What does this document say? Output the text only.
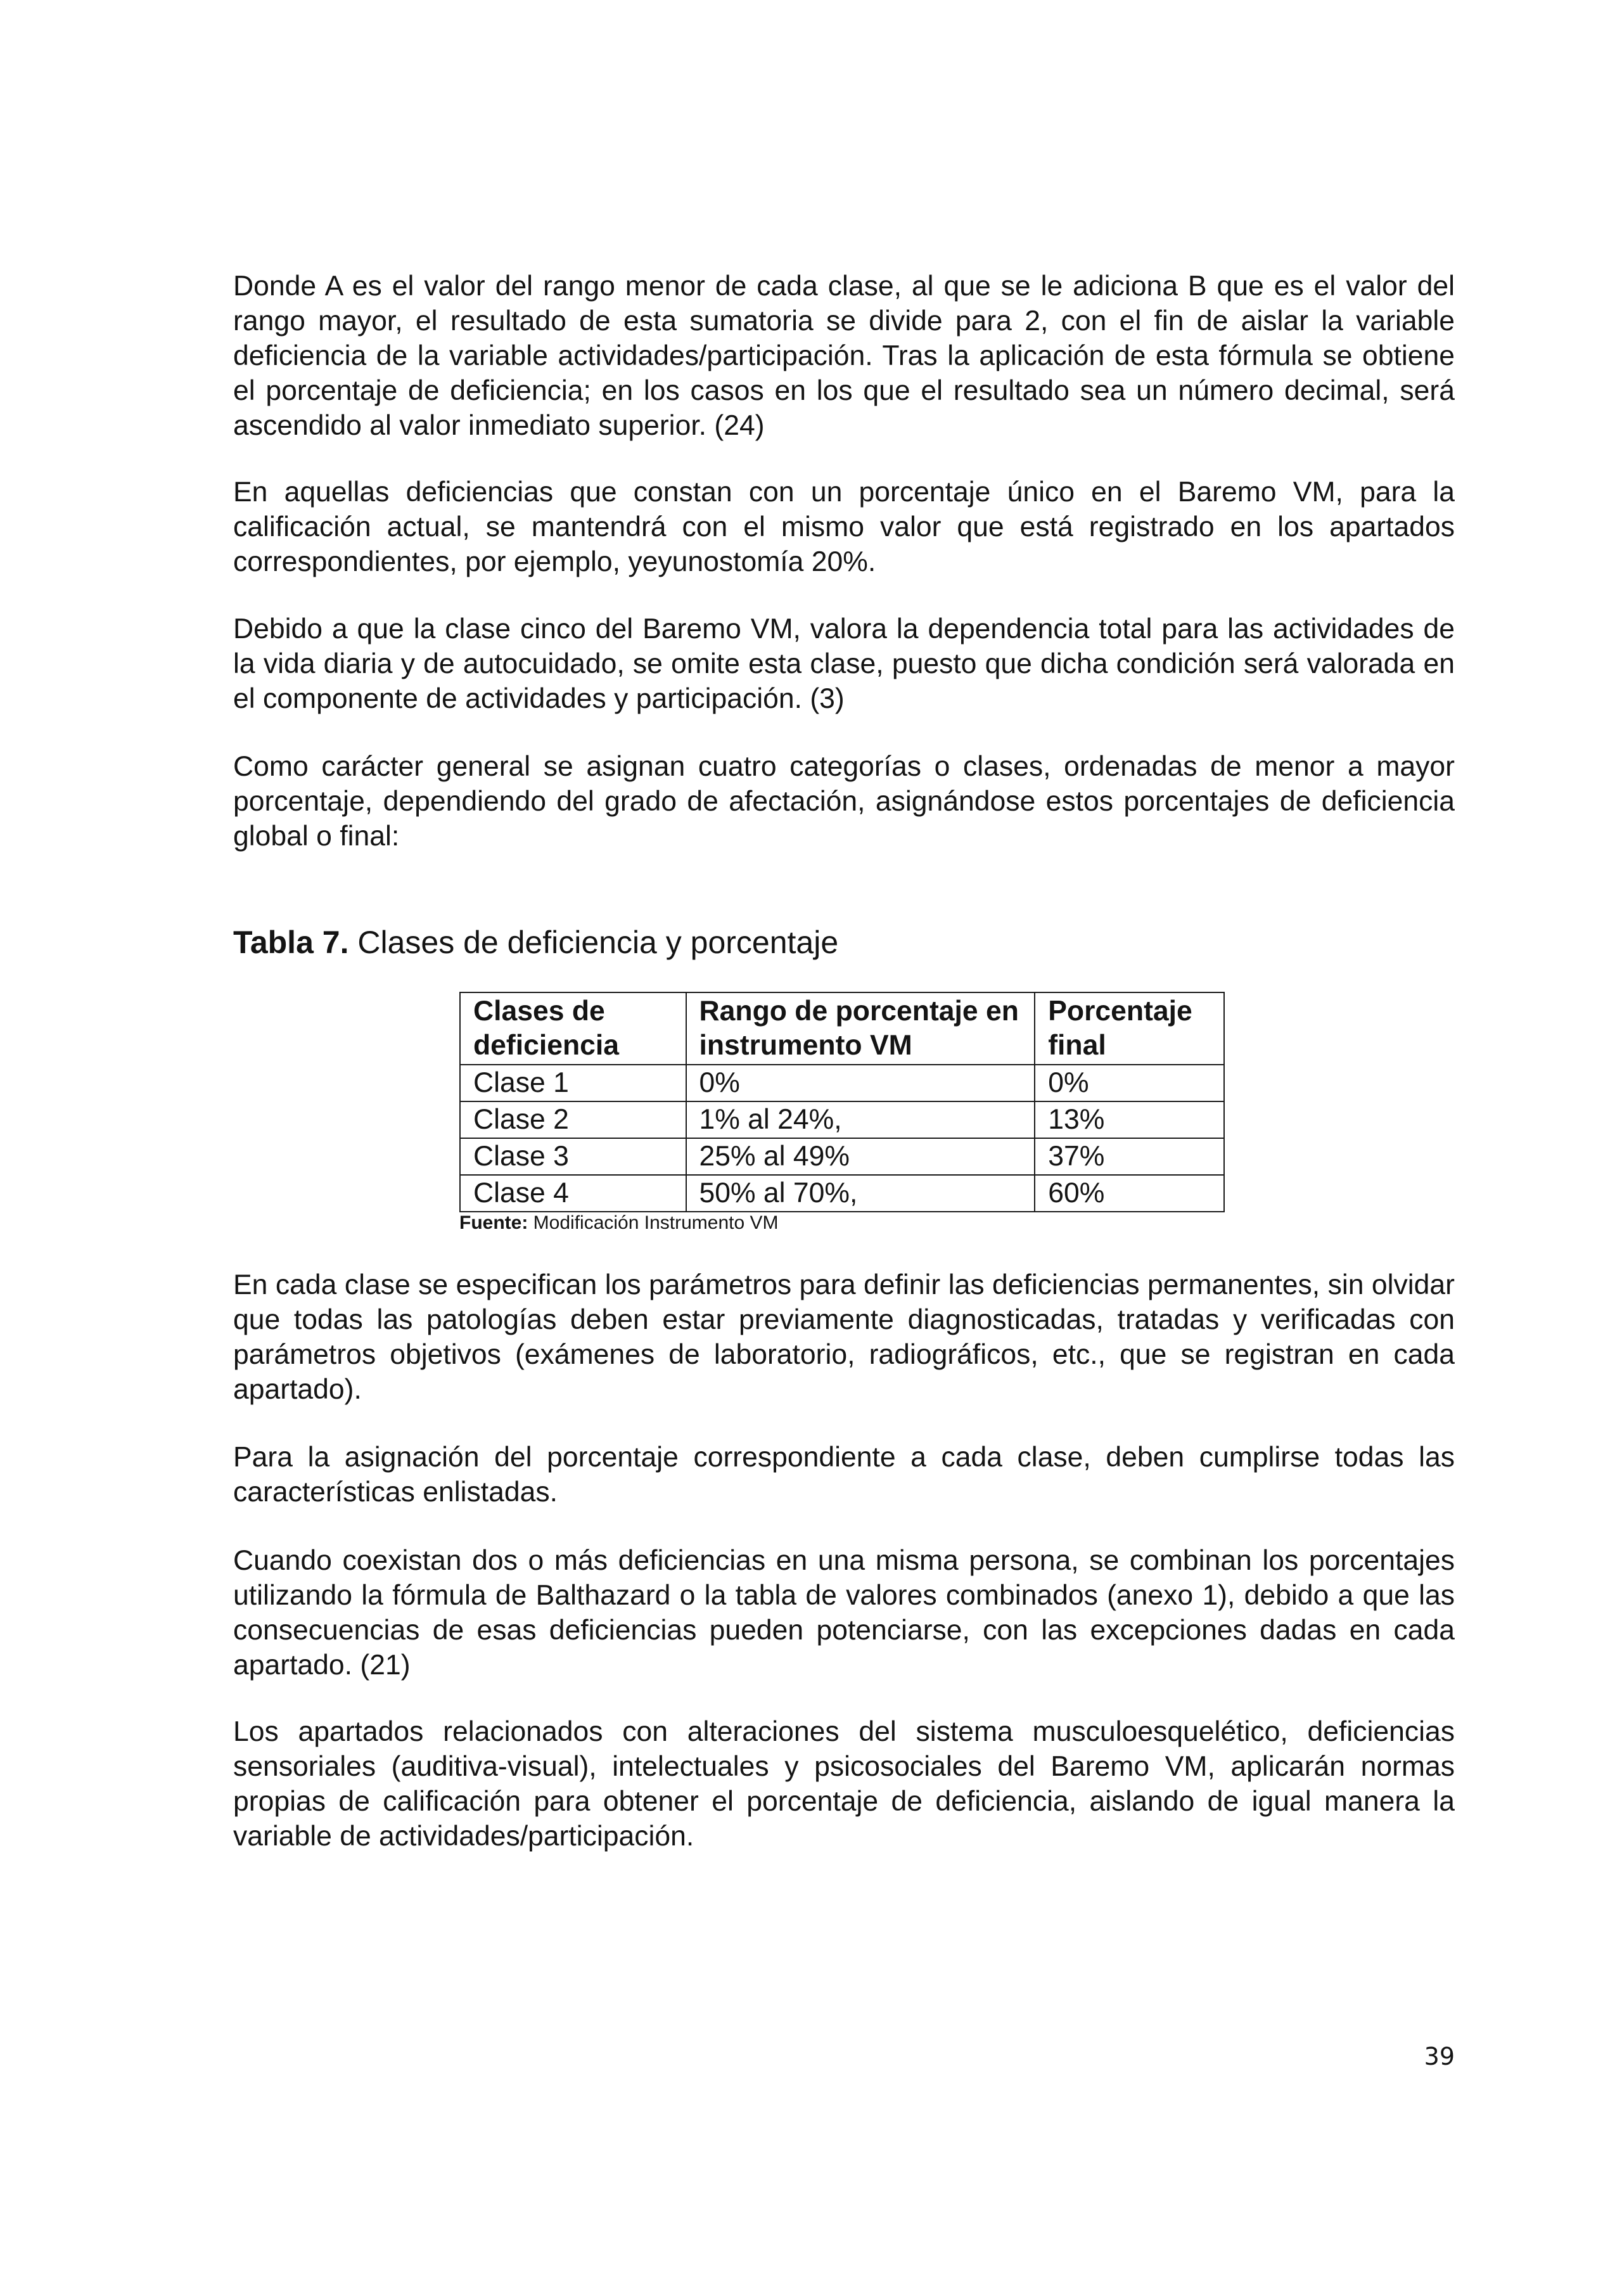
Donde A es el valor del rango menor de cada clase, al que se le adiciona B que es el valor del rango mayor, el resultado de esta sumatoria se divide para 2, con el fin de aislar la variable deficiencia de la variable actividades/participación. Tras la aplicación de esta fórmula se obtiene el porcentaje de deficiencia; en los casos en los que el resultado sea un número decimal, será ascendido al valor inmediato superior. (24)

En aquellas deficiencias que constan con un porcentaje único en el Baremo VM, para la calificación actual, se mantendrá con el mismo valor que está registrado en los apartados correspondientes, por ejemplo, yeyunostomía 20%.

Debido a que la clase cinco del Baremo VM, valora la dependencia total para las actividades de la vida diaria y de autocuidado, se omite esta clase, puesto que dicha condición será valorada en el componente de actividades y participación. (3)

Como carácter general se asignan cuatro categorías o clases, ordenadas de menor a mayor porcentaje, dependiendo del grado de afectación, asignándose estos porcentajes de deficiencia global o final:

Tabla 7. Clases de deficiencia y porcentaje

Clases de deficiencia	Rango de porcentaje en instrumento VM	Porcentaje final
Clase 1	0%	0%
Clase 2	1% al 24%,	13%
Clase 3	25% al 49%	37%
Clase 4	50% al 70%,	60%

Fuente: Modificación Instrumento VM

En cada clase se especifican los parámetros para definir las deficiencias permanentes, sin olvidar que todas las patologías deben estar previamente diagnosticadas, tratadas y verificadas con parámetros objetivos (exámenes de laboratorio, radiográficos, etc., que se registran en cada apartado).

Para la asignación del porcentaje correspondiente a cada clase, deben cumplirse todas las características enlistadas.

Cuando coexistan dos o más deficiencias en una misma persona, se combinan los porcentajes utilizando la fórmula de Balthazard o la tabla de valores combinados (anexo 1), debido a que las consecuencias de esas deficiencias pueden potenciarse, con las excepciones dadas en cada apartado. (21)

Los apartados relacionados con alteraciones del sistema musculoesquelético, deficiencias sensoriales (auditiva-visual), intelectuales y psicosociales del Baremo VM, aplicarán normas propias de calificación para obtener el porcentaje de deficiencia, aislando de igual manera la variable de actividades/participación.

39
